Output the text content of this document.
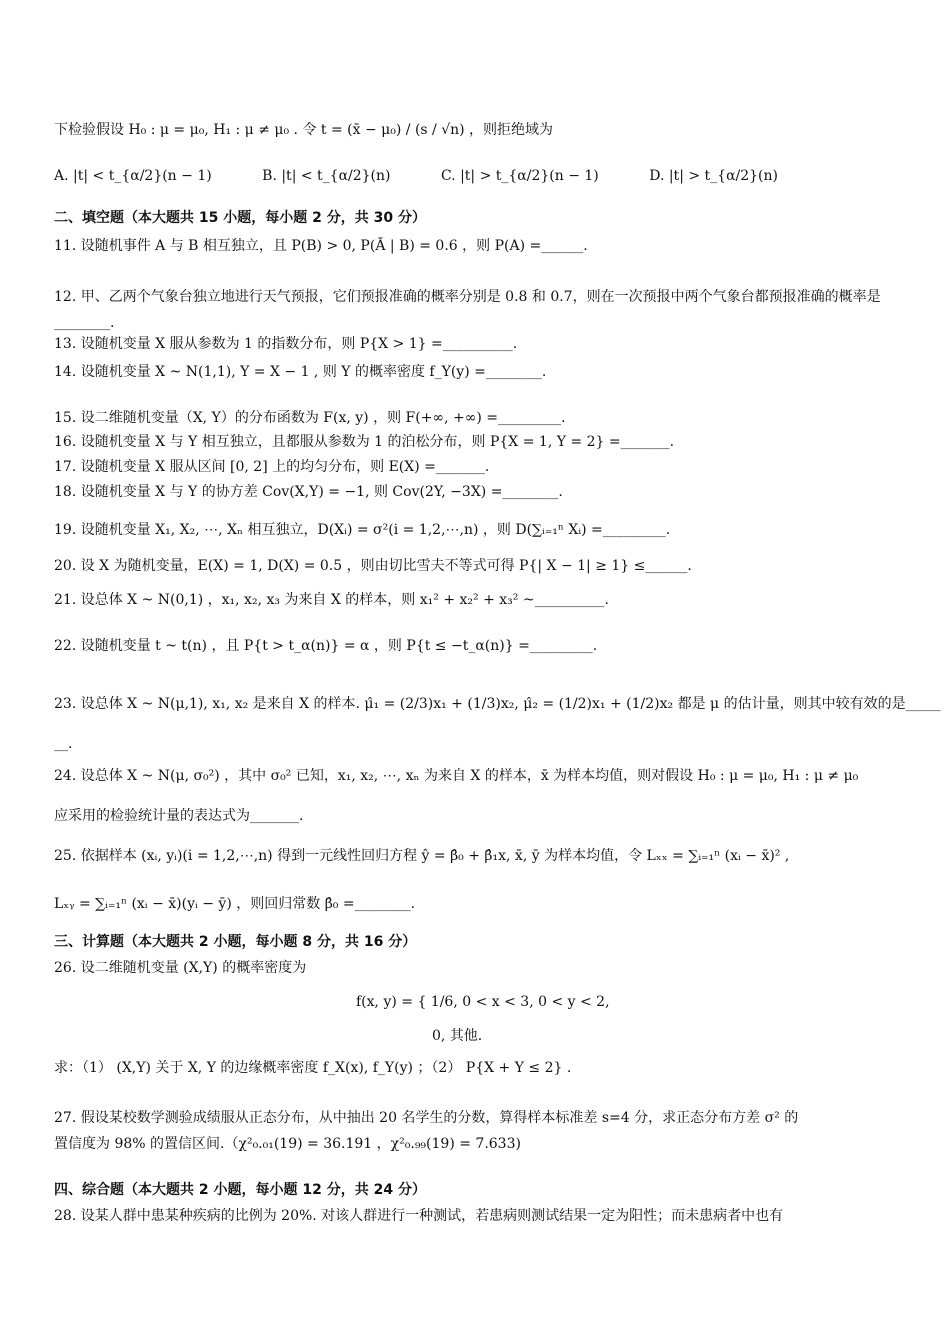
下检验假设 H₀ : μ = μ₀, H₁ : μ ≠ μ₀ . 令 t = (x̄ − μ₀) / (s / √n) ，则拒绝域为
A. |t| < t_{α/2}(n − 1)	B. |t| < t_{α/2}(n)	C. |t| > t_{α/2}(n − 1)	D. |t| > t_{α/2}(n)
二、填空题（本大题共 15 小题，每小题 2 分，共 30 分）
11. 设随机事件 A 与 B 相互独立，且 P(B) > 0, P(Ā | B) = 0.6 ，则 P(A) =______.
12. 甲、乙两个气象台独立地进行天气预报，它们预报准确的概率分别是 0.8 和 0.7，则在一次预报中两个气象台都预报准确的概率是________.
13. 设随机变量 X 服从参数为 1 的指数分布，则 P{X > 1} =__________.
14. 设随机变量 X ~ N(1,1), Y = X − 1 , 则 Y 的概率密度 f_Y(y) =________.
15. 设二维随机变量（X, Y）的分布函数为 F(x, y) ，则 F(+∞, +∞) =_________.
16. 设随机变量 X 与 Y 相互独立，且都服从参数为 1 的泊松分布，则 P{X = 1, Y = 2} =_______.
17. 设随机变量 X 服从区间 [0, 2] 上的均匀分布，则 E(X) =_______.
18. 设随机变量 X 与 Y 的协方差 Cov(X,Y) = −1, 则 Cov(2Y, −3X) =________.
19. 设随机变量 X₁, X₂, ⋯, Xₙ 相互独立，D(Xᵢ) = σ²(i = 1,2,⋯,n) ，则 D(∑ᵢ₌₁ⁿ Xᵢ) =_________.
20. 设 X 为随机变量，E(X) = 1, D(X) = 0.5 ，则由切比雪夫不等式可得 P{| X − 1| ≥ 1} ≤______.
21. 设总体 X ~ N(0,1) ，x₁, x₂, x₃ 为来自 X 的样本，则 x₁² + x₂² + x₃² ~__________.
22. 设随机变量 t ~ t(n) ，且 P{t > t_α(n)} = α ，则 P{t ≤ −t_α(n)} =_________.
23. 设总体 X ~ N(μ,1), x₁, x₂ 是来自 X 的样本. μ̂₁ = (2/3)x₁ + (1/3)x₂, μ̂₂ = (1/2)x₁ + (1/2)x₂ 都是 μ 的估计量，则其中较有效的是_____
__.
24. 设总体 X ~ N(μ, σ₀²) ，其中 σ₀² 已知，x₁, x₂, ⋯, xₙ 为来自 X 的样本，x̄ 为样本均值，则对假设 H₀ : μ = μ₀, H₁ : μ ≠ μ₀
应采用的检验统计量的表达式为_______.
25. 依据样本 (xᵢ, yᵢ)(i = 1,2,⋯,n) 得到一元线性回归方程 ŷ = β̂₀ + β̂₁x, x̄, ȳ 为样本均值，令 Lₓₓ = ∑ᵢ₌₁ⁿ (xᵢ − x̄)² ,
Lₓᵧ = ∑ᵢ₌₁ⁿ (xᵢ − x̄)(yᵢ − ȳ) ，则回归常数 β̂₀ =________.
三、计算题（本大题共 2 小题，每小题 8 分，共 16 分）
26. 设二维随机变量 (X,Y) 的概率密度为
f(x, y) = { 1/6, 0 < x < 3, 0 < y < 2,
0, 其他.
求：（1） (X,Y) 关于 X, Y 的边缘概率密度 f_X(x), f_Y(y) ；（2） P{X + Y ≤ 2} .
27. 假设某校数学测验成绩服从正态分布，从中抽出 20 名学生的分数，算得样本标准差 s=4 分，求正态分布方差 σ² 的
置信度为 98% 的置信区间.（χ²₀.₀₁(19) = 36.191 ，χ²₀.₉₉(19) = 7.633)
四、综合题（本大题共 2 小题，每小题 12 分，共 24 分）
28. 设某人群中患某种疾病的比例为 20%. 对该人群进行一种测试，若患病则测试结果一定为阳性；而未患病者中也有
